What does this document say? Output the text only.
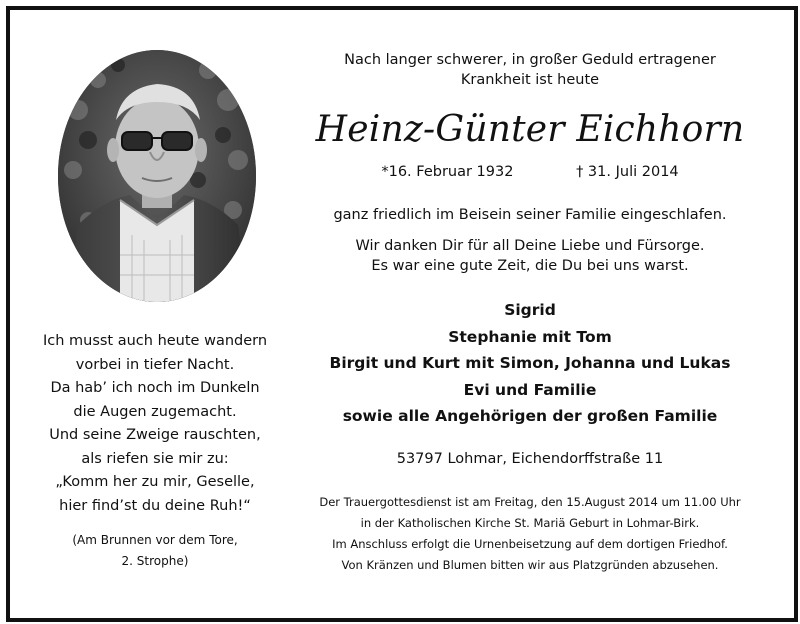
Ich musst auch heute wandern
vorbei in tiefer Nacht.
Da hab’ ich noch im Dunkeln
die Augen zugemacht.
Und seine Zweige rauschten,
als riefen sie mir zu:
„Komm her zu mir, Geselle,
hier find’st du deine Ruh!“
(Am Brunnen vor dem Tore,
2. Strophe)
Nach langer schwerer, in großer Geduld ertragener
Krankheit ist heute
Heinz-Günter Eichhorn
*16. Februar 1932	† 31. Juli 2014
ganz friedlich im Beisein seiner Familie eingeschlafen.
Wir danken Dir für all Deine Liebe und Fürsorge.
Es war eine gute Zeit, die Du bei uns warst.
Sigrid
Stephanie mit Tom
Birgit und Kurt mit Simon, Johanna und Lukas
Evi und Familie
sowie alle Angehörigen der großen Familie
53797 Lohmar, Eichendorffstraße 11
Der Trauergottesdienst ist am Freitag, den 15.August 2014 um 11.00 Uhr
in der Katholischen Kirche St. Mariä Geburt in Lohmar-Birk.
Im Anschluss erfolgt die Urnenbeisetzung auf dem dortigen Friedhof.
Von Kränzen und Blumen bitten wir aus Platzgründen abzusehen.
